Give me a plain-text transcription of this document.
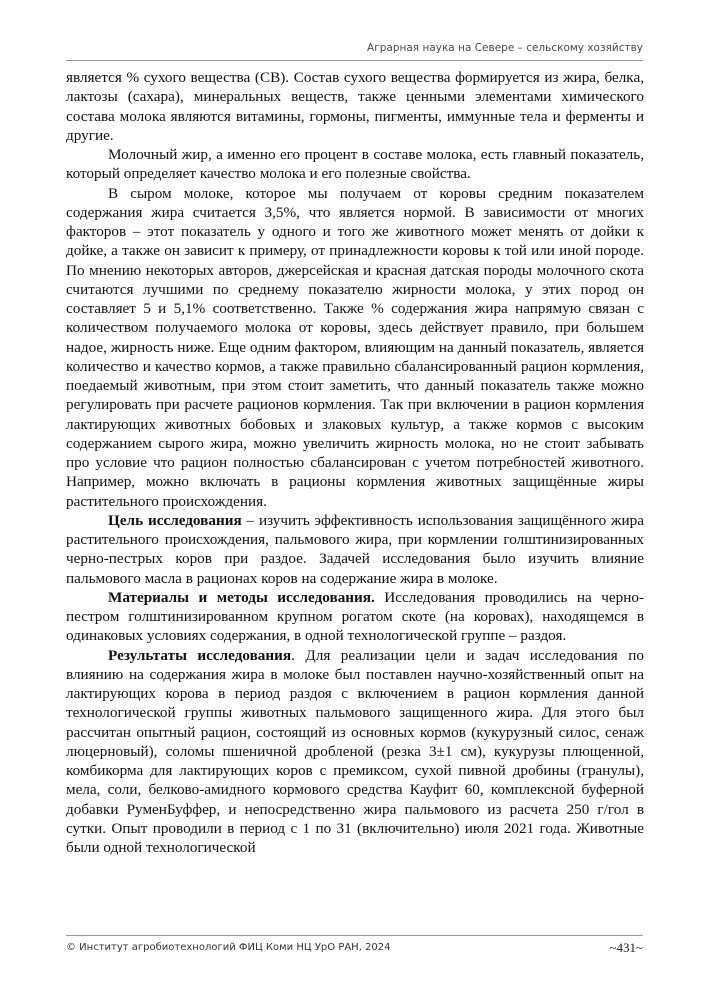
Аграрная наука на Севере – сельскому хозяйству

является % сухого вещества (СВ). Состав сухого вещества формируется из жира, белка, лактозы (сахара), минеральных веществ, также ценными элементами химического состава молока являются витамины, гормоны, пигменты, иммунные тела и ферменты и другие.

Молочный жир, а именно его процент в составе молока, есть главный показатель, который определяет качество молока и его полезные свойства.

В сыром молоке, которое мы получаем от коровы средним показателем содержания жира считается 3,5%, что является нормой. В зависимости от многих факторов – этот показатель у одного и того же животного может менять от дойки к дойке, а также он зависит к примеру, от принадлежности коровы к той или иной породе. По мнению некоторых авторов, джерсейская и красная датская породы молочного скота считаются лучшими по среднему показателю жирности молока, у этих пород он составляет 5 и 5,1% соответственно. Также % содержания жира напрямую связан с количеством получаемого молока от коровы, здесь действует правило, при большем надое, жирность ниже. Еще одним фактором, влияющим на данный показатель, является количество и качество кормов, а также правильно сбалансированный рацион кормления, поедаемый животным, при этом стоит заметить, что данный показатель также можно регулировать при расчете рационов кормления. Так при включении в рацион кормления лактирующих животных бобовых и злаковых культур, а также кормов с высоким содержанием сырого жира, можно увеличить жирность молока, но не стоит забывать про условие что рацион полностью сбалансирован с учетом потребностей животного. Например, можно включать в рационы кормления животных защищённые жиры растительного происхождения.

Цель исследования – изучить эффективность использования защищённого жира растительного происхождения, пальмового жира, при кормлении голштинизированных черно-пестрых коров при раздое. Задачей исследования было изучить влияние пальмового масла в рационах коров на содержание жира в молоке.

Материалы и методы исследования. Исследования проводились на черно-пестром голштинизированном крупном рогатом скоте (на коровах), находящемся в одинаковых условиях содержания, в одной технологической группе – раздоя.

Результаты исследования. Для реализации цели и задач исследования по влиянию на содержания жира в молоке был поставлен научно-хозяйственный опыт на лактирующих корова в период раздоя с включением в рацион кормления данной технологической группы животных пальмового защищенного жира. Для этого был рассчитан опытный рацион, состоящий из основных кормов (кукурузный силос, сенаж люцерновый), соломы пшеничной дробленой (резка 3±1 см), кукурузы плющенной, комбикорма для лактирующих коров с премиксом, сухой пивной дробины (гранулы), мела, соли, белково-амидного кормового средства Кауфит 60, комплексной буферной добавки РуменБуффер, и непосредственно жира пальмового из расчета 250 г/гол в сутки. Опыт проводили в период с 1 по 31 (включительно) июля 2021 года. Животные были одной технологической

© Институт агробиотехнологий ФИЦ Коми НЦ УрО РАН, 2024	~431~
